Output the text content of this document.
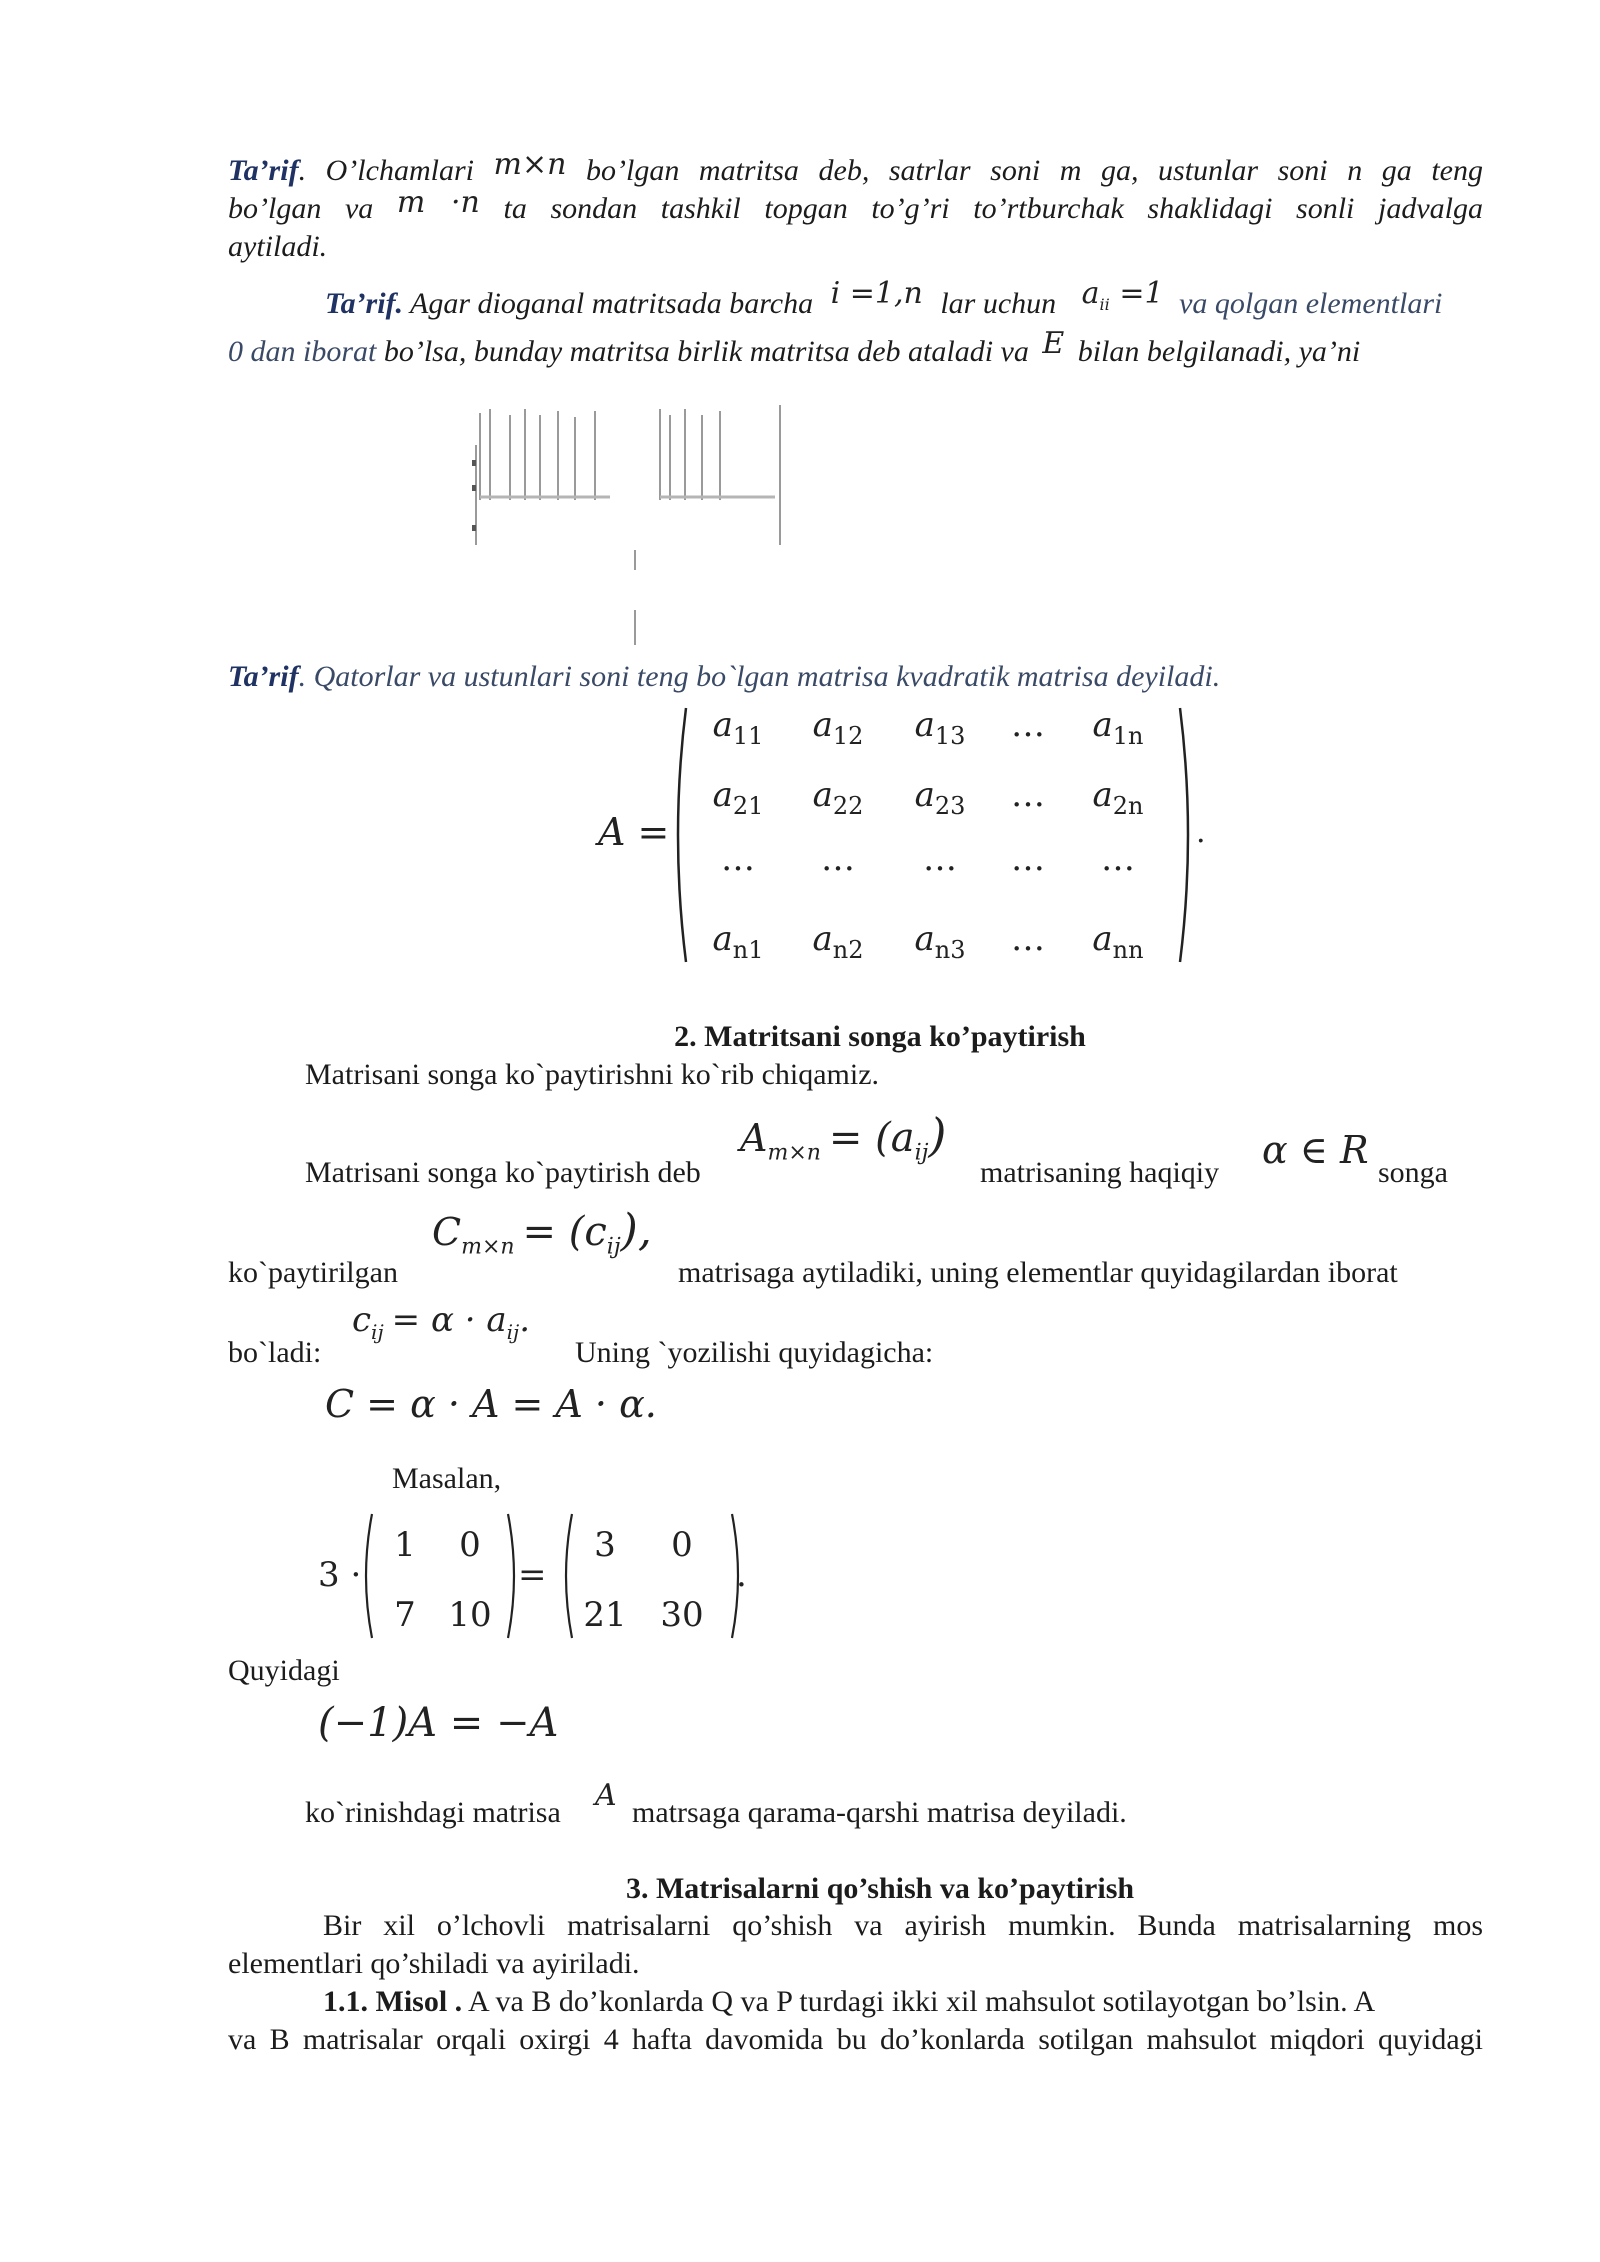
Ta’rif. O’lchamlari m×n bo’lgan matritsa deb, satrlar soni m ga, ustunlar soni n ga teng
bo’lgan va m ·n ta sondan tashkil topgan to’g’ri to’rtburchak shaklidagi sonli jadvalga
aytiladi.
Ta’rif. Agar dioganal matritsada barcha i =1,n lar uchun $a_{ii} =1$ va qolgan elementlari
0 dan iborat bo’lsa, bunday matritsa birlik matritsa deb ataladi va E bilan belgilanadi, ya’ni
Ta’rif. Qatorlar va ustunlari soni teng bo`lgan matrisa kvadratik matrisa deyiladi.
A =
$a_{11}$ $a_{12}$ $a_{13}$ … $a_{1n}$
$a_{21}$ $a_{22}$ $a_{23}$ … $a_{2n}$
… … … … …
$a_{n1}$ $a_{n2}$ $a_{n3}$ … $a_{nn}$
.
2. Matritsani songa ko’paytirish
Matrisani songa ko`paytirishni ko`rib chiqamiz.
Matrisani songa ko`paytirish deb
$A_{m\times n} = (a_{ij})$
matrisaning haqiqiy
α ∈ R
songa
ko`paytirilgan
$C_{m\times n} = (c_{ij})$,
matrisaga aytiladiki, uning elementlar quyidagilardan iborat
bo`ladi:
$c_{ij} = \alpha \cdot a_{ij}$.
Uning `yozilishi quyidagicha:
C = α · A = A · α.
Masalan,
3 ·
1 0
7 10
3 0
21 30
=	.
Quyidagi
(−1)A = −A
ko`rinishdagi matrisa A matrsaga qarama-qarshi matrisa deyiladi.
3. Matrisalarni qo’shish va ko’paytirish
Bir xil o’lchovli matrisalarni qo’shish va ayirish mumkin. Bunda matrisalarning mos
elementlari qo’shiladi va ayiriladi.
1.1. Misol . A va B do’konlarda Q va P turdagi ikki xil mahsulot sotilayotgan bo’lsin. A
va B matrisalar orqali oxirgi 4 hafta davomida bu do’konlarda sotilgan mahsulot miqdori quyidagi
